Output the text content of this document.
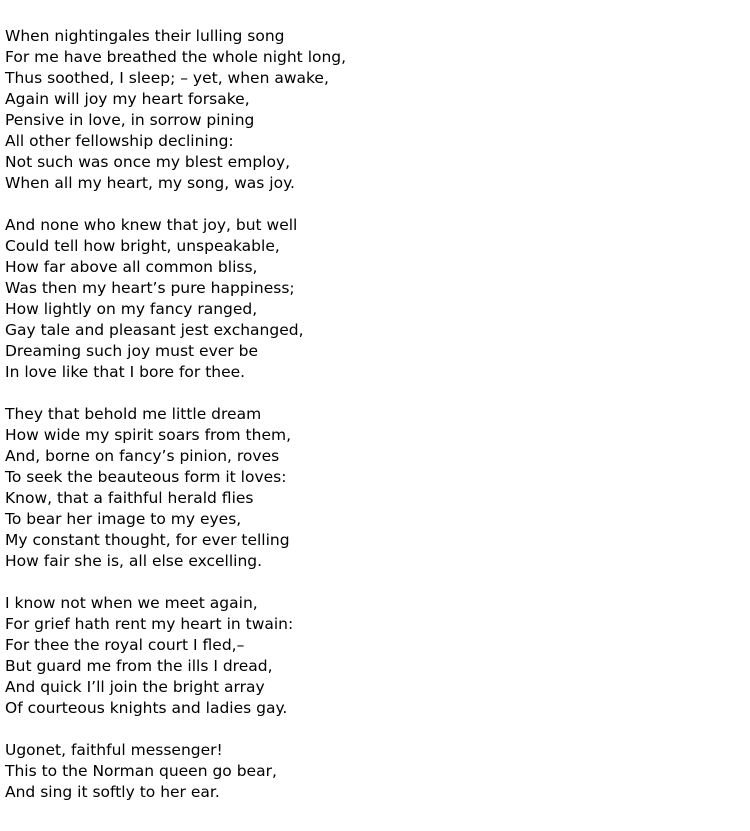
When nightingales their lulling song
For me have breathed the whole night long,
Thus soothed, I sleep; – yet, when awake,
Again will joy my heart forsake,
Pensive in love, in sorrow pining
All other fellowship declining:
Not such was once my blest employ,
When all my heart, my song, was joy.
And none who knew that joy, but well
Could tell how bright, unspeakable,
How far above all common bliss,
Was then my heart’s pure happiness;
How lightly on my fancy ranged,
Gay tale and pleasant jest exchanged,
Dreaming such joy must ever be
In love like that I bore for thee.
They that behold me little dream
How wide my spirit soars from them,
And, borne on fancy’s pinion, roves
To seek the beauteous form it loves:
Know, that a faithful herald flies
To bear her image to my eyes,
My constant thought, for ever telling
How fair she is, all else excelling.
I know not when we meet again,
For grief hath rent my heart in twain:
For thee the royal court I fled,–
But guard me from the ills I dread,
And quick I’ll join the bright array
Of courteous knights and ladies gay.
Ugonet, faithful messenger!
This to the Norman queen go bear,
And sing it softly to her ear.
